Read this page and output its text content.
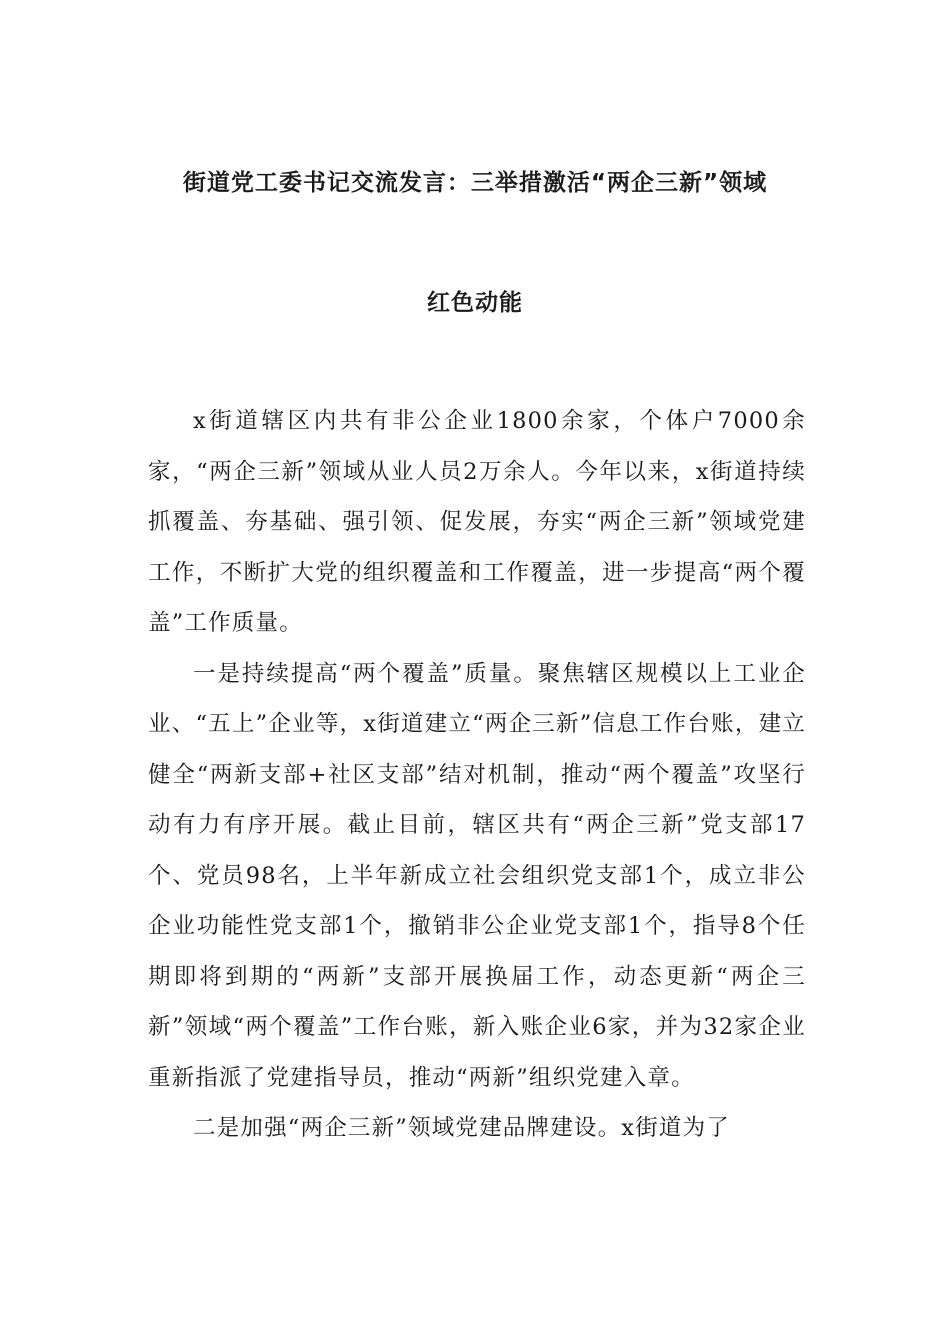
街道党工委书记交流发言：三举措激活“两企三新”领域
红色动能

x街道辖区内共有非公企业1800余家，个体户7000余家，“两企三新”领域从业人员2万余人。今年以来，x街道持续抓覆盖、夯基础、强引领、促发展，夯实“两企三新”领域党建工作，不断扩大党的组织覆盖和工作覆盖，进一步提高“两个覆盖”工作质量。

一是持续提高“两个覆盖”质量。聚焦辖区规模以上工业企业、“五上”企业等，x街道建立“两企三新”信息工作台账，建立健全“两新支部+社区支部”结对机制，推动“两个覆盖”攻坚行动有力有序开展。截止目前，辖区共有“两企三新”党支部17个、党员98名，上半年新成立社会组织党支部1个，成立非公企业功能性党支部1个，撤销非公企业党支部1个，指导8个任期即将到期的“两新”支部开展换届工作，动态更新“两企三新”领域“两个覆盖”工作台账，新入账企业6家，并为32家企业重新指派了党建指导员，推动“两新”组织党建入章。

二是加强“两企三新”领域党建品牌建设。x街道为了
